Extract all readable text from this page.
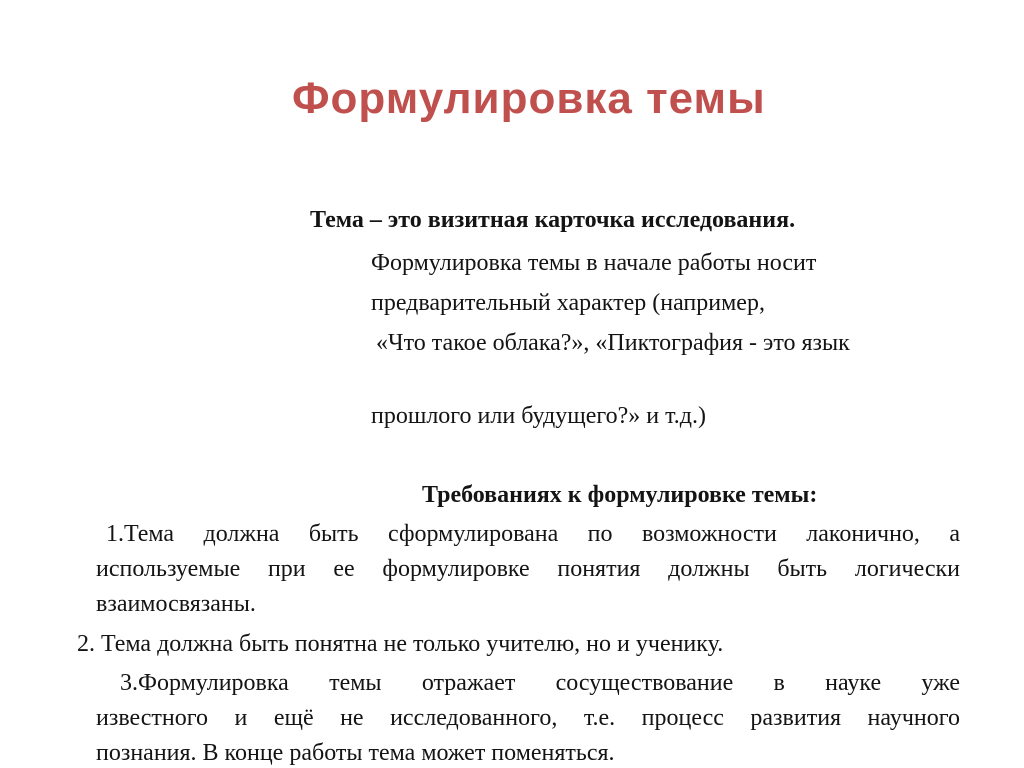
Формулировка темы
Тема – это визитная карточка исследования.
Формулировка темы в начале работы носит
предварительный характер (например,
«Что такое облака?», «Пиктография - это язык
прошлого или будущего?» и т.д.)
Требованиях к формулировке темы:
1.Тема должна быть сформулирована по возможности лаконично, а
используемые при ее формулировке понятия должны быть логически
взаимосвязаны.
2. Тема должна быть понятна не только учителю, но и ученику.
3.Формулировка темы отражает сосуществование в науке уже
известного и ещё не исследованного, т.е. процесс развития научного
познания. В конце работы тема может поменяться.
